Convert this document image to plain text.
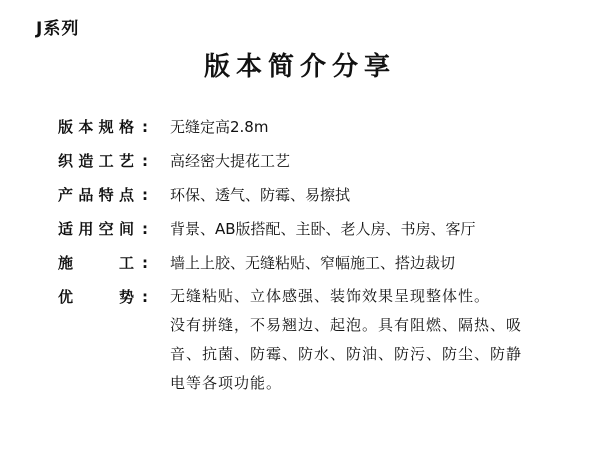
J系列
版本简介分享
版 本 规 格 :	无缝定高2.8m
织 造 工 艺 :	高经密大提花工艺
产 品 特 点 :	环保、透气、防霉、易擦拭
适 用 空 间 :	背景、AB版搭配、主卧、老人房、书房、客厅
施	工 :	墙上上胶、无缝粘贴、窄幅施工、搭边裁切
优	势 :	无缝粘贴、立体感强、装饰效果呈现整体性。
没有拼缝，不易翘边、起泡。具有阻燃、隔热、吸
音、抗菌、防霉、防水、防油、防污、防尘、防静
电等各项功能。
